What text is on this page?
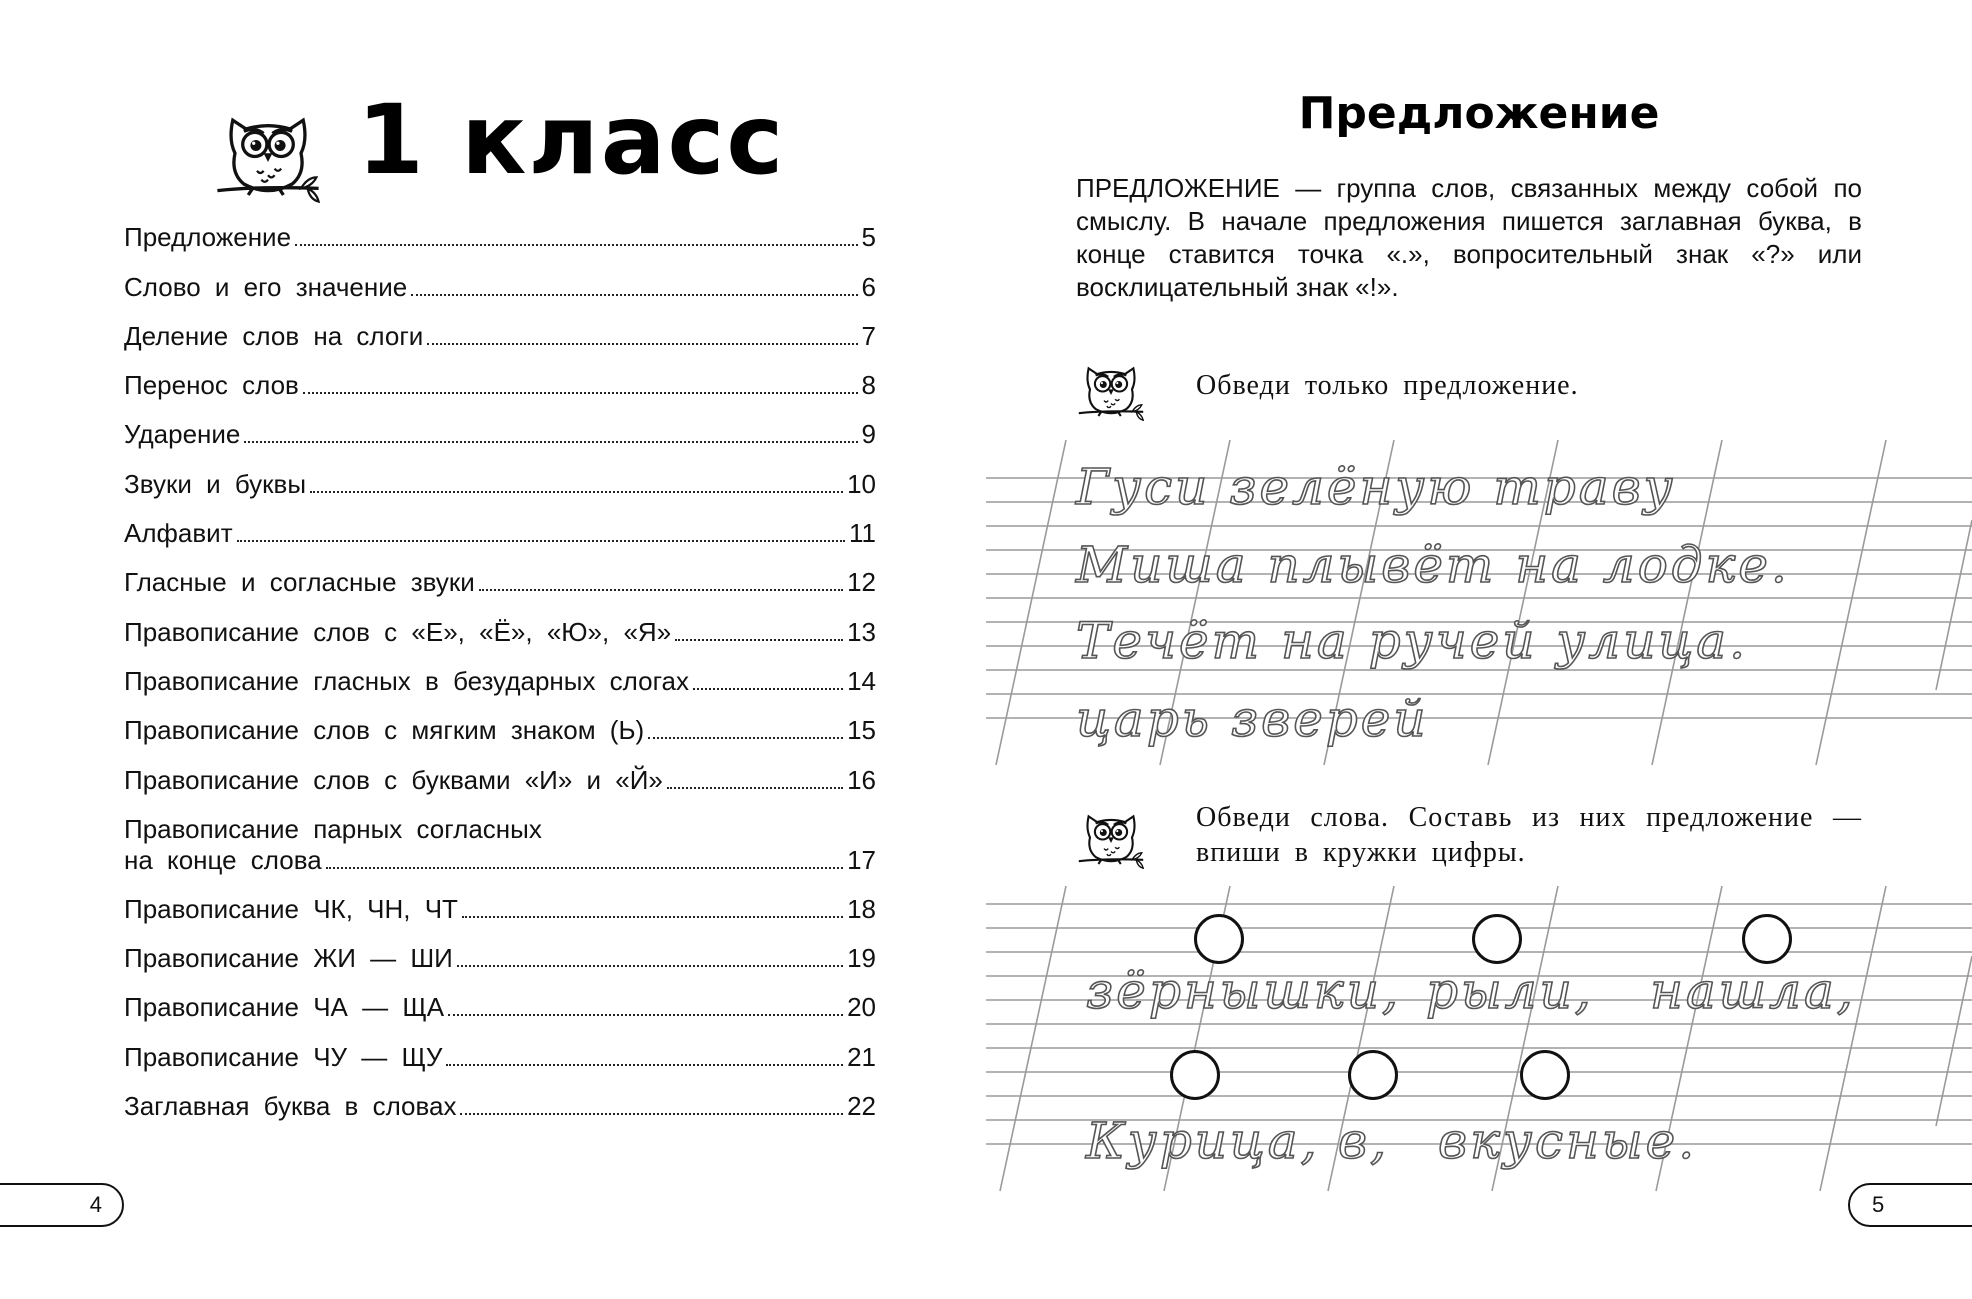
1 класс
Предложение	5
Слово и его значение	6
Деление слов на слоги	7
Перенос слов	8
Ударение	9
Звуки и буквы	10
Алфавит	11
Гласные и согласные звуки	12
Правописание слов с «Е», «Ё», «Ю», «Я»	13
Правописание гласных в безударных слогах	14
Правописание слов с мягким знаком (Ь)	15
Правописание слов с буквами «И» и «Й»	16
Правописание парных согласных
на конце слова	17
Правописание ЧК, ЧН, ЧТ	18
Правописание ЖИ — ШИ	19
Правописание ЧА — ЩА	20
Правописание ЧУ — ЩУ	21
Заглавная буква в словах	22
4
Предложение
ПРЕДЛОЖЕНИЕ — группа слов, связанных между собой по смыслу. В начале предложения пишется заглавная буква, в конце ставится точка «.», вопросительный знак «?» или восклицательный знак «!».
Обведи только предложение.
Гуси зелёную траву
Миша плывёт на лодке.
Течёт на ручей улица.
царь зверей
Обведи слова. Составь из них предложение — впиши в кружки цифры.
зёрнышки, рыли, нашла,
Курица, в, вкусные.
5
